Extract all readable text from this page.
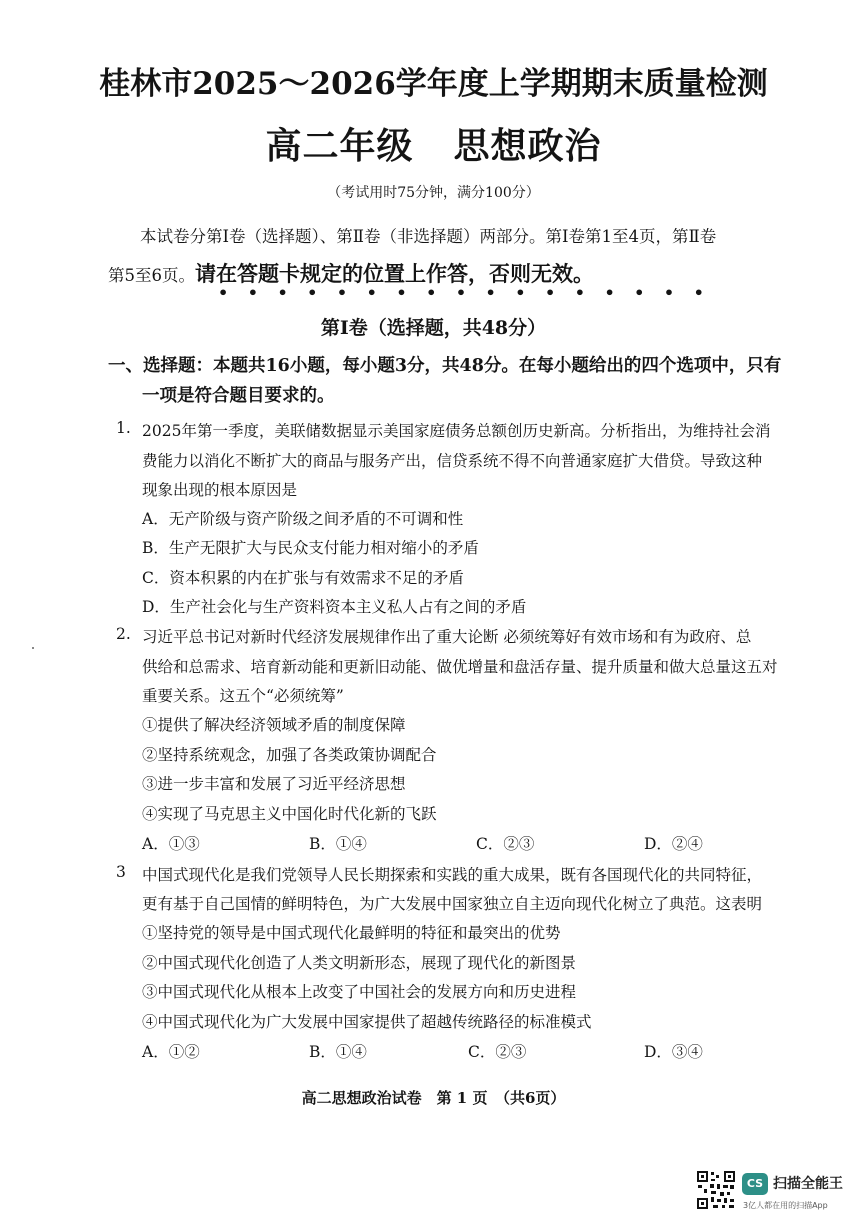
桂林市2025～2026学年度上学期期末质量检测
高二年级 思想政治
（考试用时75分钟，满分100分）
本试卷分第Ⅰ卷（选择题）、第Ⅱ卷（非选择题）两部分。第Ⅰ卷第1至4页，第Ⅱ卷
第5至6页。请在答题卡规定的位置上作答，否则无效。
•••••••••••••••••
第Ⅰ卷（选择题，共48分）
一、选择题：本题共16小题，每小题3分，共48分。在每小题给出的四个选项中，只有
一项是符合题目要求的。
1. 2025年第一季度，美联储数据显示美国家庭债务总额创历史新高。分析指出，为维持社会消
费能力以消化不断扩大的商品与服务产出，信贷系统不得不向普通家庭扩大借贷。导致这种
现象出现的根本原因是
A．无产阶级与资产阶级之间矛盾的不可调和性
B．生产无限扩大与民众支付能力相对缩小的矛盾
C．资本积累的内在扩张与有效需求不足的矛盾
D．生产社会化与生产资料资本主义私人占有之间的矛盾
2. 习近平总书记对新时代经济发展规律作出了重大论断 必须统筹好有效市场和有为政府、总
供给和总需求、培育新动能和更新旧动能、做优增量和盘活存量、提升质量和做大总量这五对
重要关系。这五个“必须统筹”
①提供了解决经济领域矛盾的制度保障
②坚持系统观念，加强了各类政策协调配合
③进一步丰富和发展了习近平经济思想
④实现了马克思主义中国化时代化新的飞跃
A．①③	B．①④	C．②③	D．②④
3 中国式现代化是我们党领导人民长期探索和实践的重大成果，既有各国现代化的共同特征，
更有基于自己国情的鲜明特色，为广大发展中国家独立自主迈向现代化树立了典范。这表明
①坚持党的领导是中国式现代化最鲜明的特征和最突出的优势
②中国式现代化创造了人类文明新形态，展现了现代化的新图景
③中国式现代化从根本上改变了中国社会的发展方向和历史进程
④中国式现代化为广大发展中国家提供了超越传统路径的标准模式
A．①②	B．①④	C．②③	D．③④
高二思想政治试卷　第 1 页　（共6页）
CS 扫描全能王
3亿人都在用的扫描App
